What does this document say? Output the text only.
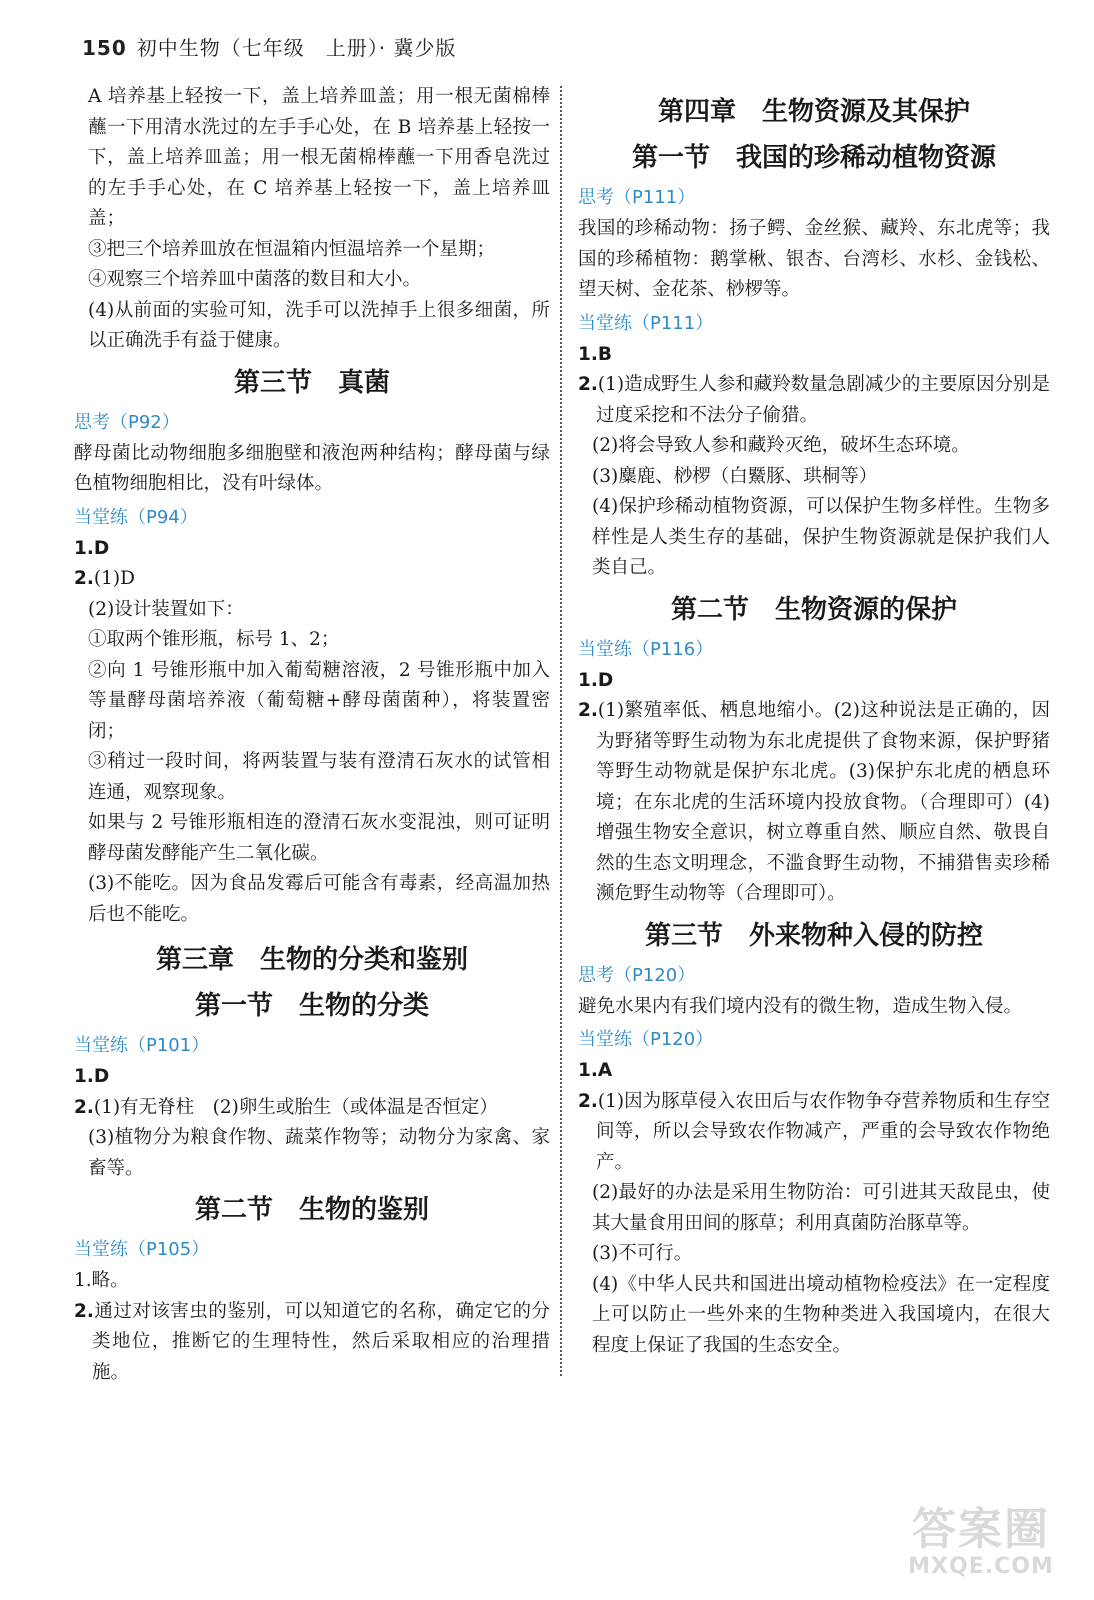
150 初中生物（七年级　上册）· 冀少版

A 培养基上轻按一下，盖上培养皿盖；用一根无菌棉棒蘸一下用清水洗过的左手手心处，在 B 培养基上轻按一下，盖上培养皿盖；用一根无菌棉棒蘸一下用香皂洗过的左手手心处，在 C 培养基上轻按一下，盖上培养皿盖；

③把三个培养皿放在恒温箱内恒温培养一个星期；

④观察三个培养皿中菌落的数目和大小。

(4)从前面的实验可知，洗手可以洗掉手上很多细菌，所以正确洗手有益于健康。

第三节　真菌
思考（P92）

酵母菌比动物细胞多细胞壁和液泡两种结构；酵母菌与绿色植物细胞相比，没有叶绿体。

当堂练（P94）

1.D

2.(1)D

(2)设计装置如下：

①取两个锥形瓶，标号 1、2；

②向 1 号锥形瓶中加入葡萄糖溶液，2 号锥形瓶中加入等量酵母菌培养液（葡萄糖+酵母菌菌种），将装置密闭；

③稍过一段时间，将两装置与装有澄清石灰水的试管相连通，观察现象。

如果与 2 号锥形瓶相连的澄清石灰水变混浊，则可证明酵母菌发酵能产生二氧化碳。

(3)不能吃。因为食品发霉后可能含有毒素，经高温加热后也不能吃。

第三章　生物的分类和鉴别
第一节　生物的分类
当堂练（P101）

1.D

2.(1)有无脊柱　(2)卵生或胎生（或体温是否恒定）

(3)植物分为粮食作物、蔬菜作物等；动物分为家禽、家畜等。

第二节　生物的鉴别
当堂练（P105）

1.略。

2.通过对该害虫的鉴别，可以知道它的名称，确定它的分类地位，推断它的生理特性，然后采取相应的治理措施。

第四章　生物资源及其保护
第一节　我国的珍稀动植物资源
思考（P111）

我国的珍稀动物：扬子鳄、金丝猴、藏羚、东北虎等；我国的珍稀植物：鹅掌楸、银杏、台湾杉、水杉、金钱松、望天树、金花茶、桫椤等。

当堂练（P111）

1.B

2.(1)造成野生人参和藏羚数量急剧减少的主要原因分别是过度采挖和不法分子偷猎。

(2)将会导致人参和藏羚灭绝，破坏生态环境。

(3)麋鹿、桫椤（白鱀豚、珙桐等）

(4)保护珍稀动植物资源，可以保护生物多样性。生物多样性是人类生存的基础，保护生物资源就是保护我们人类自己。

第二节　生物资源的保护
当堂练（P116）

1.D

2.(1)繁殖率低、栖息地缩小。(2)这种说法是正确的，因为野猪等野生动物为东北虎提供了食物来源，保护野猪等野生动物就是保护东北虎。(3)保护东北虎的栖息环境；在东北虎的生活环境内投放食物。（合理即可）(4)增强生物安全意识，树立尊重自然、顺应自然、敬畏自然的生态文明理念，不滥食野生动物，不捕猎售卖珍稀濒危野生动物等（合理即可）。

第三节　外来物种入侵的防控
思考（P120）

避免水果内有我们境内没有的微生物，造成生物入侵。

当堂练（P120）

1.A

2.(1)因为豚草侵入农田后与农作物争夺营养物质和生存空间等，所以会导致农作物减产，严重的会导致农作物绝产。

(2)最好的办法是采用生物防治：可引进其天敌昆虫，使其大量食用田间的豚草；利用真菌防治豚草等。

(3)不可行。

(4)《中华人民共和国进出境动植物检疫法》在一定程度上可以防止一些外来的生物种类进入我国境内，在很大程度上保证了我国的生态安全。

答案圈
MXQE.COM
